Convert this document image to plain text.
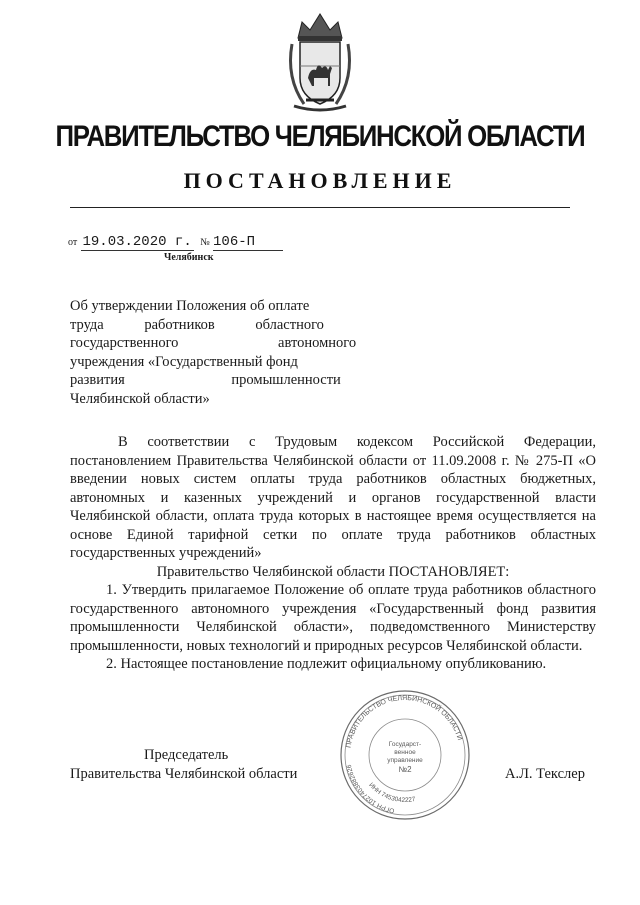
ПРАВИТЕЛЬСТВО ЧЕЛЯБИНСКОЙ ОБЛАСТИ
ПОСТАНОВЛЕНИЕ
от 19.03.2020 г. № 106-П
Челябинск
Об утверждении Положения об оплате
труда работников областного
государственного автономного
учреждения «Государственный фонд
развития промышленности
Челябинской области»

В соответствии с Трудовым кодексом Российской Федерации, постановлением Правительства Челябинской области от 11.09.2008 г. № 275-П «О введении новых систем оплаты труда работников областных бюджетных, автономных и казенных учреждений и органов государственной власти Челябинской области, оплата труда которых в настоящее время осуществляется на основе Единой тарифной сетки по оплате труда работников областных государственных учреждений»

Правительство Челябинской области ПОСТАНОВЛЯЕТ:

1. Утвердить прилагаемое Положение об оплате труда работников областного государственного автономного учреждения «Государственный фонд развития промышленности Челябинской области», подведомственного Министерству промышленности, новых технологий и природных ресурсов Челябинской области.

2. Настоящее постановление подлежит официальному опубликованию.

ПРАВИТЕЛЬСТВО ЧЕЛЯБИНСКОЙ ОБЛАСТИ
ОГРН 1027403882626
ИНН 7453042227
Государст-
венное
управление
№2
Председатель
Правительства Челябинской области	А.Л. Текслер
